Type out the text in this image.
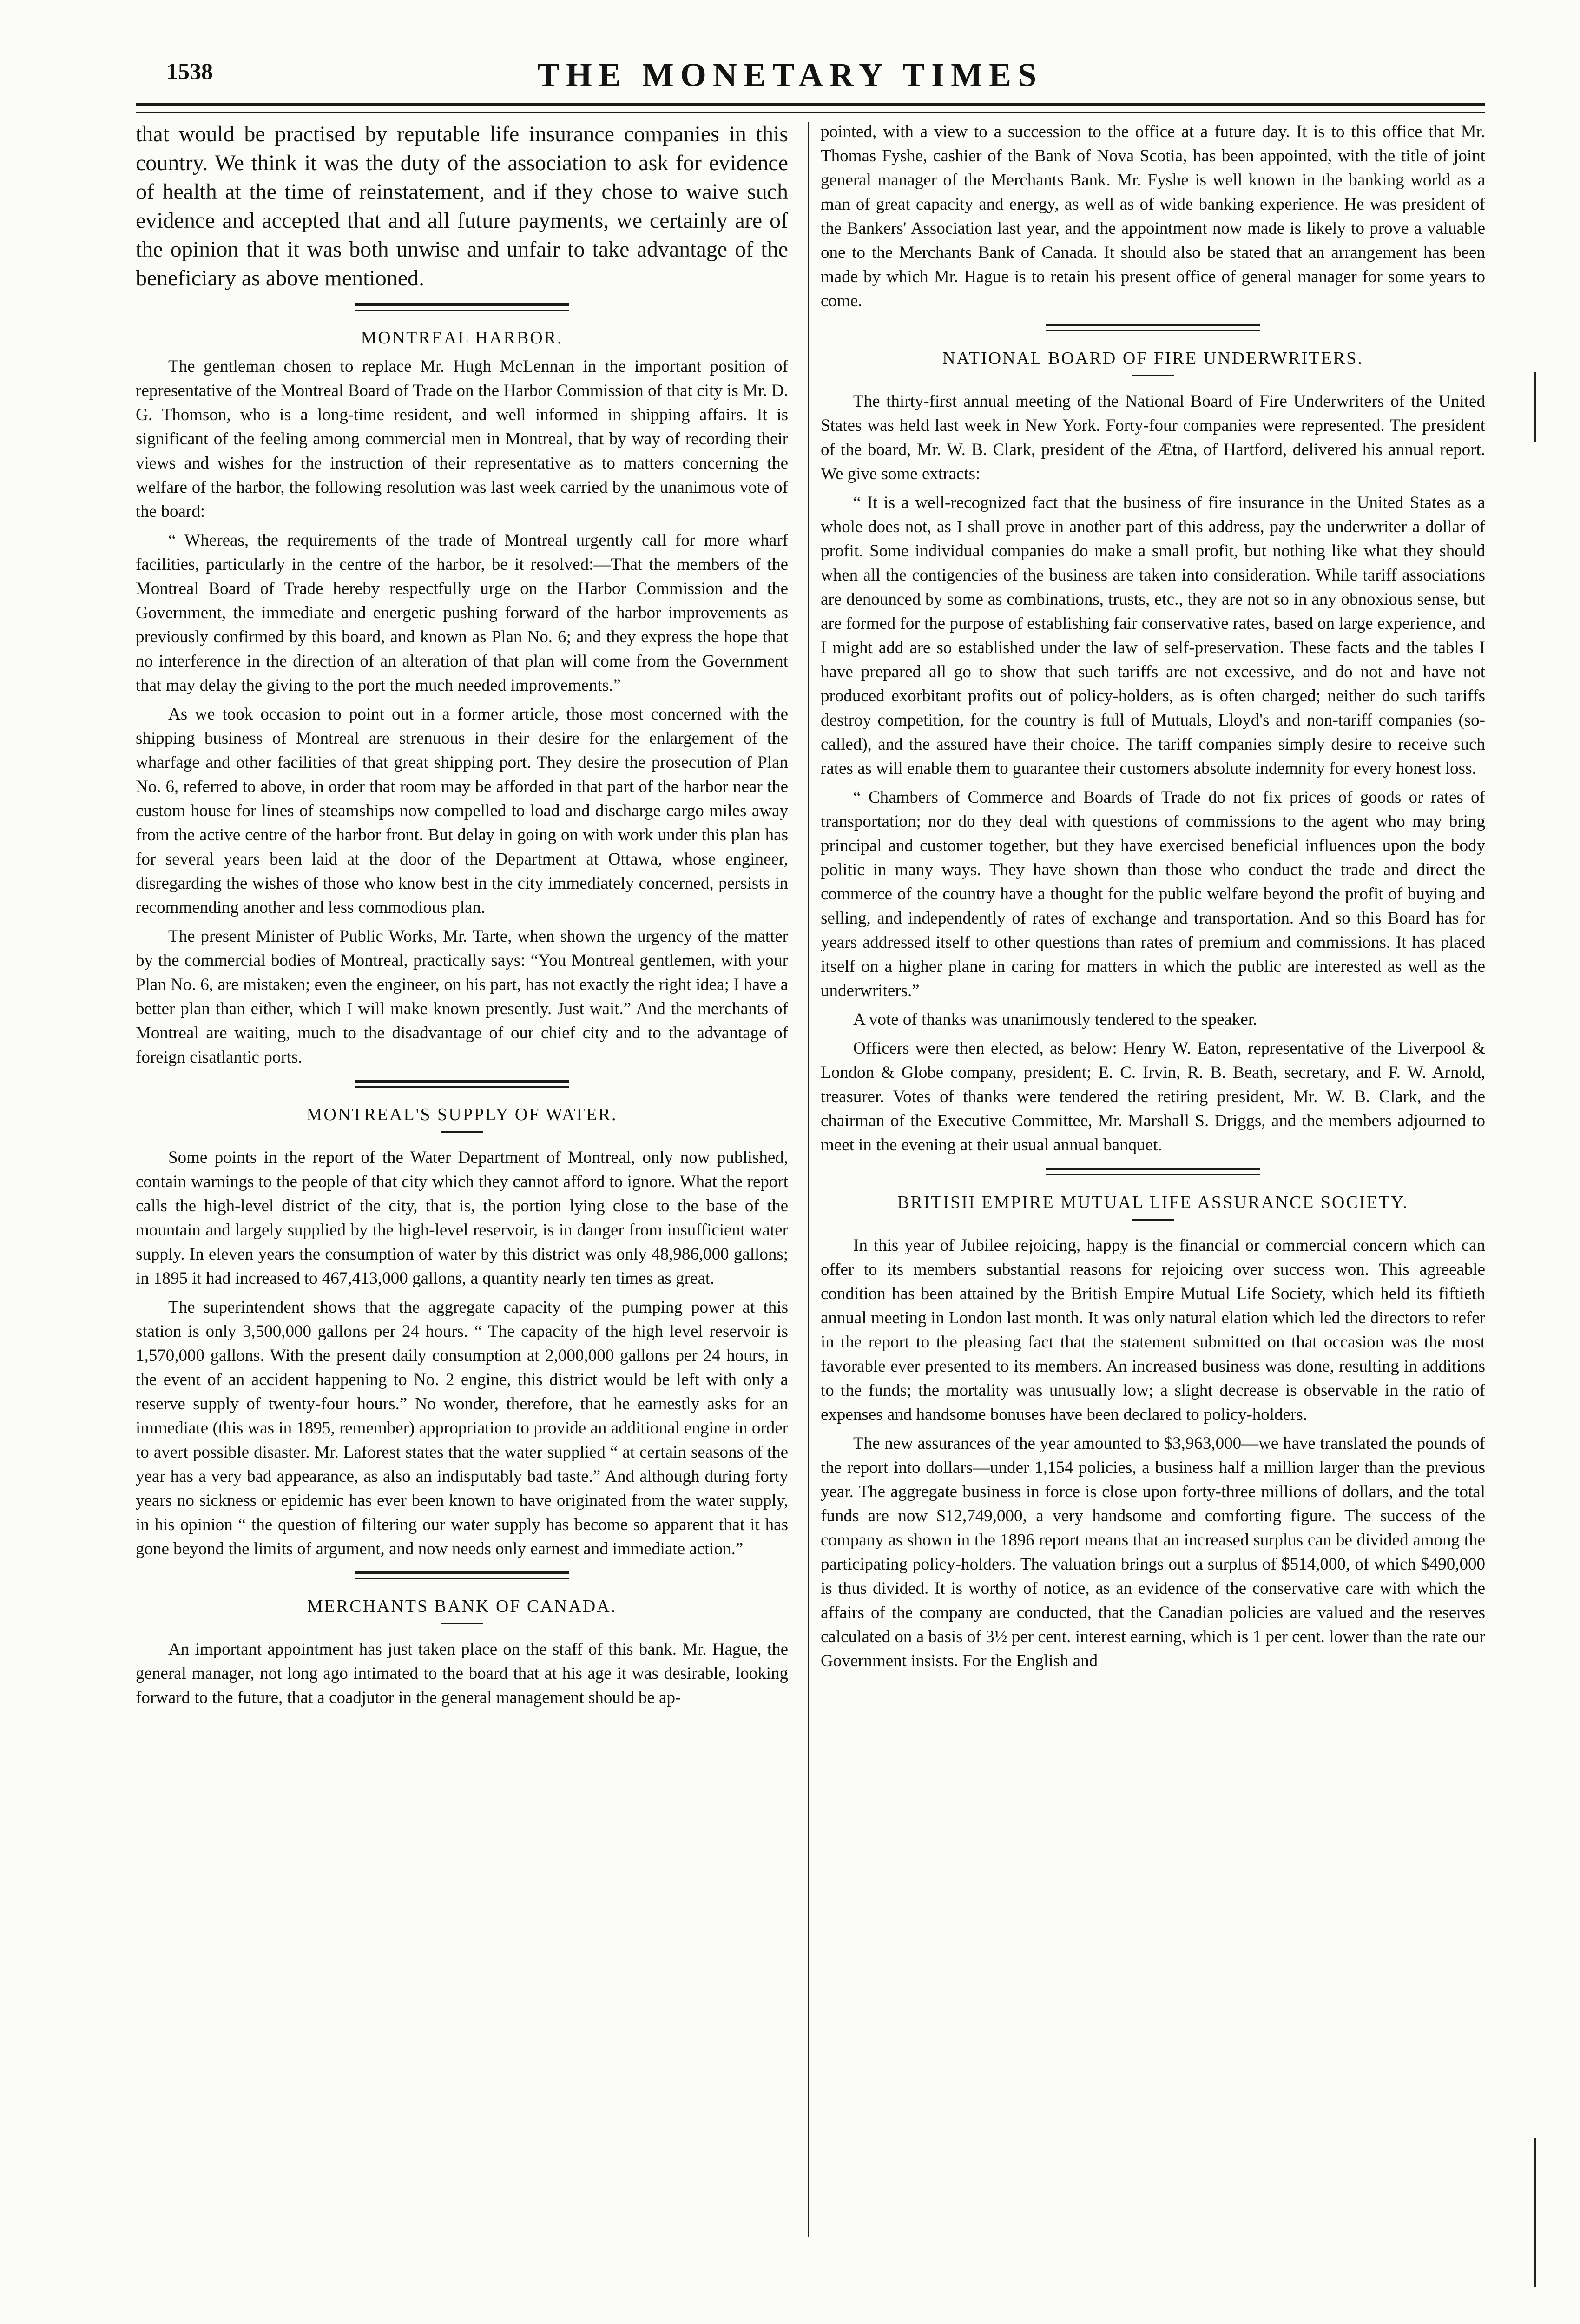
1538	THE MONETARY TIMES

that would be practised by reputable life insurance companies in this country. We think it was the duty of the association to ask for evidence of health at the time of reinstatement, and if they chose to waive such evidence and accepted that and all future payments, we certainly are of the opinion that it was both unwise and unfair to take advantage of the beneficiary as above mentioned.

MONTREAL HARBOR.

The gentleman chosen to replace Mr. Hugh McLennan in the important position of representative of the Montreal Board of Trade on the Harbor Commission of that city is Mr. D. G. Thomson, who is a long-time resident, and well informed in shipping affairs. It is significant of the feeling among commercial men in Montreal, that by way of recording their views and wishes for the instruction of their representative as to matters concerning the welfare of the harbor, the following resolution was last week carried by the unanimous vote of the board:

“ Whereas, the requirements of the trade of Montreal urgently call for more wharf facilities, particularly in the centre of the harbor, be it resolved:—That the members of the Montreal Board of Trade hereby respectfully urge on the Harbor Commission and the Government, the immediate and energetic pushing forward of the harbor improvements as previously confirmed by this board, and known as Plan No. 6; and they express the hope that no interference in the direction of an alteration of that plan will come from the Government that may delay the giving to the port the much needed improvements.”

As we took occasion to point out in a former article, those most concerned with the shipping business of Montreal are strenuous in their desire for the enlargement of the wharfage and other facilities of that great shipping port. They desire the prosecution of Plan No. 6, referred to above, in order that room may be afforded in that part of the harbor near the custom house for lines of steamships now compelled to load and discharge cargo miles away from the active centre of the harbor front. But delay in going on with work under this plan has for several years been laid at the door of the Department at Ottawa, whose engineer, disregarding the wishes of those who know best in the city immediately concerned, persists in recommending another and less commodious plan.

The present Minister of Public Works, Mr. Tarte, when shown the urgency of the matter by the commercial bodies of Montreal, practically says: “You Montreal gentlemen, with your Plan No. 6, are mistaken; even the engineer, on his part, has not exactly the right idea; I have a better plan than either, which I will make known presently. Just wait.” And the merchants of Montreal are waiting, much to the disadvantage of our chief city and to the advantage of foreign cisatlantic ports.

MONTREAL'S SUPPLY OF WATER.

Some points in the report of the Water Department of Montreal, only now published, contain warnings to the people of that city which they cannot afford to ignore. What the report calls the high-level district of the city, that is, the portion lying close to the base of the mountain and largely supplied by the high-level reservoir, is in danger from insufficient water supply. In eleven years the consumption of water by this district was only 48,986,000 gallons; in 1895 it had increased to 467,413,000 gallons, a quantity nearly ten times as great.

The superintendent shows that the aggregate capacity of the pumping power at this station is only 3,500,000 gallons per 24 hours. “ The capacity of the high level reservoir is 1,570,000 gallons. With the present daily consumption at 2,000,000 gallons per 24 hours, in the event of an accident happening to No. 2 engine, this district would be left with only a reserve supply of twenty-four hours.” No wonder, therefore, that he earnestly asks for an immediate (this was in 1895, remember) appropriation to provide an additional engine in order to avert possible disaster. Mr. Laforest states that the water supplied “ at certain seasons of the year has a very bad appearance, as also an indisputably bad taste.” And although during forty years no sickness or epidemic has ever been known to have originated from the water supply, in his opinion “ the question of filtering our water supply has become so apparent that it has gone beyond the limits of argument, and now needs only earnest and immediate action.”

MERCHANTS BANK OF CANADA.

An important appointment has just taken place on the staff of this bank. Mr. Hague, the general manager, not long ago intimated to the board that at his age it was desirable, looking forward to the future, that a coadjutor in the general management should be ap-

pointed, with a view to a succession to the office at a future day. It is to this office that Mr. Thomas Fyshe, cashier of the Bank of Nova Scotia, has been appointed, with the title of joint general manager of the Merchants Bank. Mr. Fyshe is well known in the banking world as a man of great capacity and energy, as well as of wide banking experience. He was president of the Bankers' Association last year, and the appointment now made is likely to prove a valuable one to the Merchants Bank of Canada. It should also be stated that an arrangement has been made by which Mr. Hague is to retain his present office of general manager for some years to come.

NATIONAL BOARD OF FIRE UNDERWRITERS.

The thirty-first annual meeting of the National Board of Fire Underwriters of the United States was held last week in New York. Forty-four companies were represented. The president of the board, Mr. W. B. Clark, president of the Ætna, of Hartford, delivered his annual report. We give some extracts:

“ It is a well-recognized fact that the business of fire insurance in the United States as a whole does not, as I shall prove in another part of this address, pay the underwriter a dollar of profit. Some individual companies do make a small profit, but nothing like what they should when all the contigencies of the business are taken into consideration. While tariff associations are denounced by some as combinations, trusts, etc., they are not so in any obnoxious sense, but are formed for the purpose of establishing fair conservative rates, based on large experience, and I might add are so established under the law of self-preservation. These facts and the tables I have prepared all go to show that such tariffs are not excessive, and do not and have not produced exorbitant profits out of policy-holders, as is often charged; neither do such tariffs destroy competition, for the country is full of Mutuals, Lloyd's and non-tariff companies (so-called), and the assured have their choice. The tariff companies simply desire to receive such rates as will enable them to guarantee their customers absolute indemnity for every honest loss.

“ Chambers of Commerce and Boards of Trade do not fix prices of goods or rates of transportation; nor do they deal with questions of commissions to the agent who may bring principal and customer together, but they have exercised beneficial influences upon the body politic in many ways. They have shown than those who conduct the trade and direct the commerce of the country have a thought for the public welfare beyond the profit of buying and selling, and independently of rates of exchange and transportation. And so this Board has for years addressed itself to other questions than rates of premium and commissions. It has placed itself on a higher plane in caring for matters in which the public are interested as well as the underwriters.”

A vote of thanks was unanimously tendered to the speaker.

Officers were then elected, as below: Henry W. Eaton, representative of the Liverpool & London & Globe company, president; E. C. Irvin, R. B. Beath, secretary, and F. W. Arnold, treasurer. Votes of thanks were tendered the retiring president, Mr. W. B. Clark, and the chairman of the Executive Committee, Mr. Marshall S. Driggs, and the members adjourned to meet in the evening at their usual annual banquet.

BRITISH EMPIRE MUTUAL LIFE ASSURANCE SOCIETY.

In this year of Jubilee rejoicing, happy is the financial or commercial concern which can offer to its members substantial reasons for rejoicing over success won. This agreeable condition has been attained by the British Empire Mutual Life Society, which held its fiftieth annual meeting in London last month. It was only natural elation which led the directors to refer in the report to the pleasing fact that the statement submitted on that occasion was the most favorable ever presented to its members. An increased business was done, resulting in additions to the funds; the mortality was unusually low; a slight decrease is observable in the ratio of expenses and handsome bonuses have been declared to policy-holders.

The new assurances of the year amounted to $3,963,000—we have translated the pounds of the report into dollars—under 1,154 policies, a business half a million larger than the previous year. The aggregate business in force is close upon forty-three millions of dollars, and the total funds are now $12,749,000, a very handsome and comforting figure. The success of the company as shown in the 1896 report means that an increased surplus can be divided among the participating policy-holders. The valuation brings out a surplus of $514,000, of which $490,000 is thus divided. It is worthy of notice, as an evidence of the conservative care with which the affairs of the company are conducted, that the Canadian policies are valued and the reserves calculated on a basis of 3½ per cent. interest earning, which is 1 per cent. lower than the rate our Government insists. For the English and
